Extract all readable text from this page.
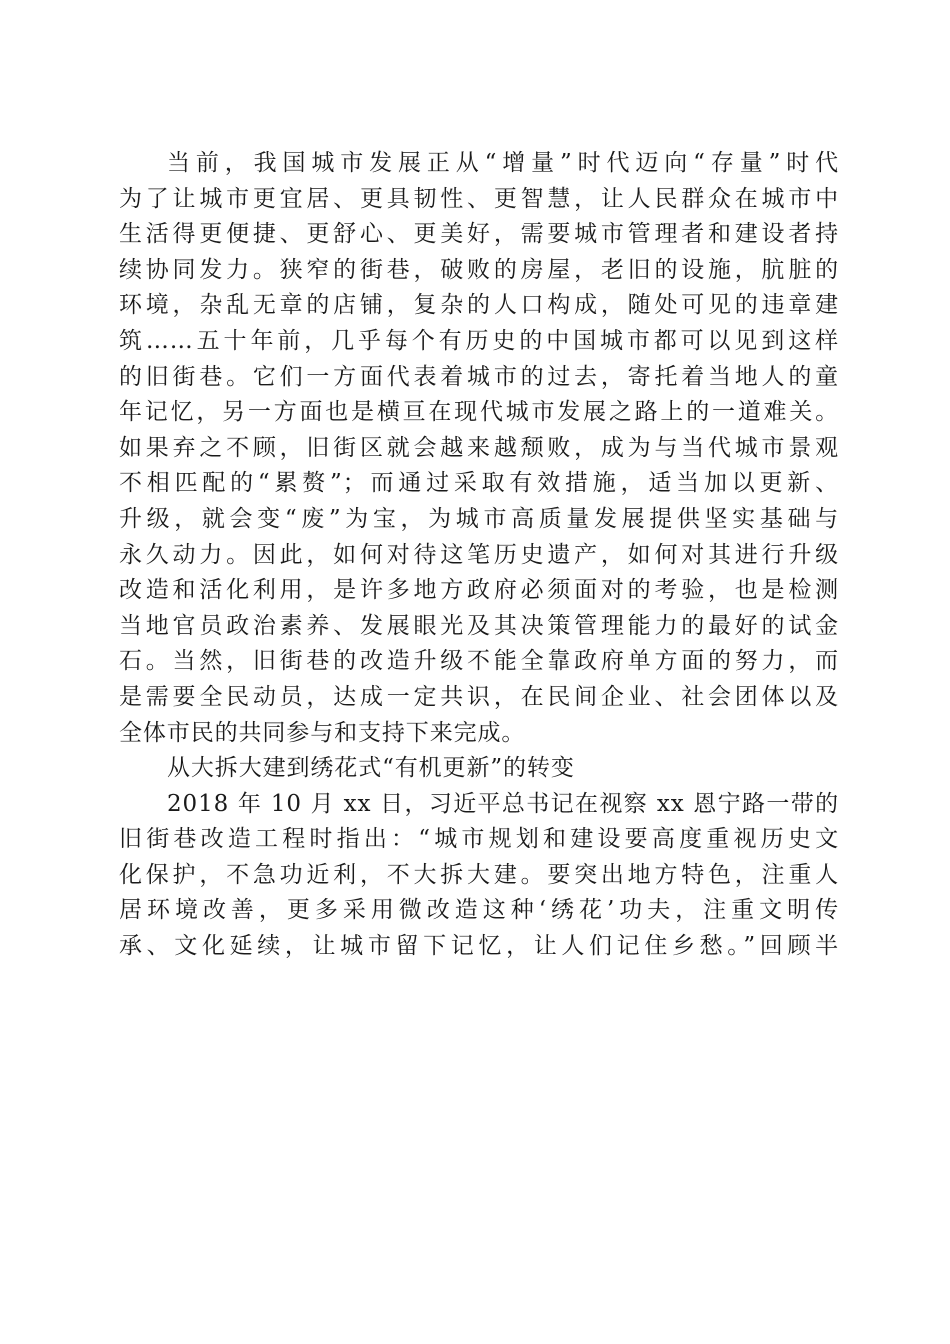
当前，我国城市发展正从“增量”时代迈向“存量”时代
为了让城市更宜居、更具韧性、更智慧，让人民群众在城市中
生活得更便捷、更舒心、更美好，需要城市管理者和建设者持
续协同发力。狭窄的街巷，破败的房屋，老旧的设施，肮脏的
环境，杂乱无章的店铺，复杂的人口构成，随处可见的违章建
筑……五十年前，几乎每个有历史的中国城市都可以见到这样
的旧街巷。它们一方面代表着城市的过去，寄托着当地人的童
年记忆，另一方面也是横亘在现代城市发展之路上的一道难关。
如果弃之不顾，旧街区就会越来越颓败，成为与当代城市景观
不相匹配的“累赘”；而通过采取有效措施，适当加以更新、
升级，就会变“废”为宝，为城市高质量发展提供坚实基础与
永久动力。因此，如何对待这笔历史遗产，如何对其进行升级
改造和活化利用，是许多地方政府必须面对的考验，也是检测
当地官员政治素养、发展眼光及其决策管理能力的最好的试金
石。当然，旧街巷的改造升级不能全靠政府单方面的努力，而
是需要全民动员，达成一定共识，在民间企业、社会团体以及
全体市民的共同参与和支持下来完成。
从大拆大建到绣花式“有机更新”的转变
2018 年 10 月 xx 日，习近平总书记在视察 xx 恩宁路一带的
旧街巷改造工程时指出：“城市规划和建设要高度重视历史文
化保护，不急功近利，不大拆大建。要突出地方特色，注重人
居环境改善，更多采用微改造这种‘绣花’功夫，注重文明传
承、文化延续，让城市留下记忆，让人们记住乡愁。”回顾半
